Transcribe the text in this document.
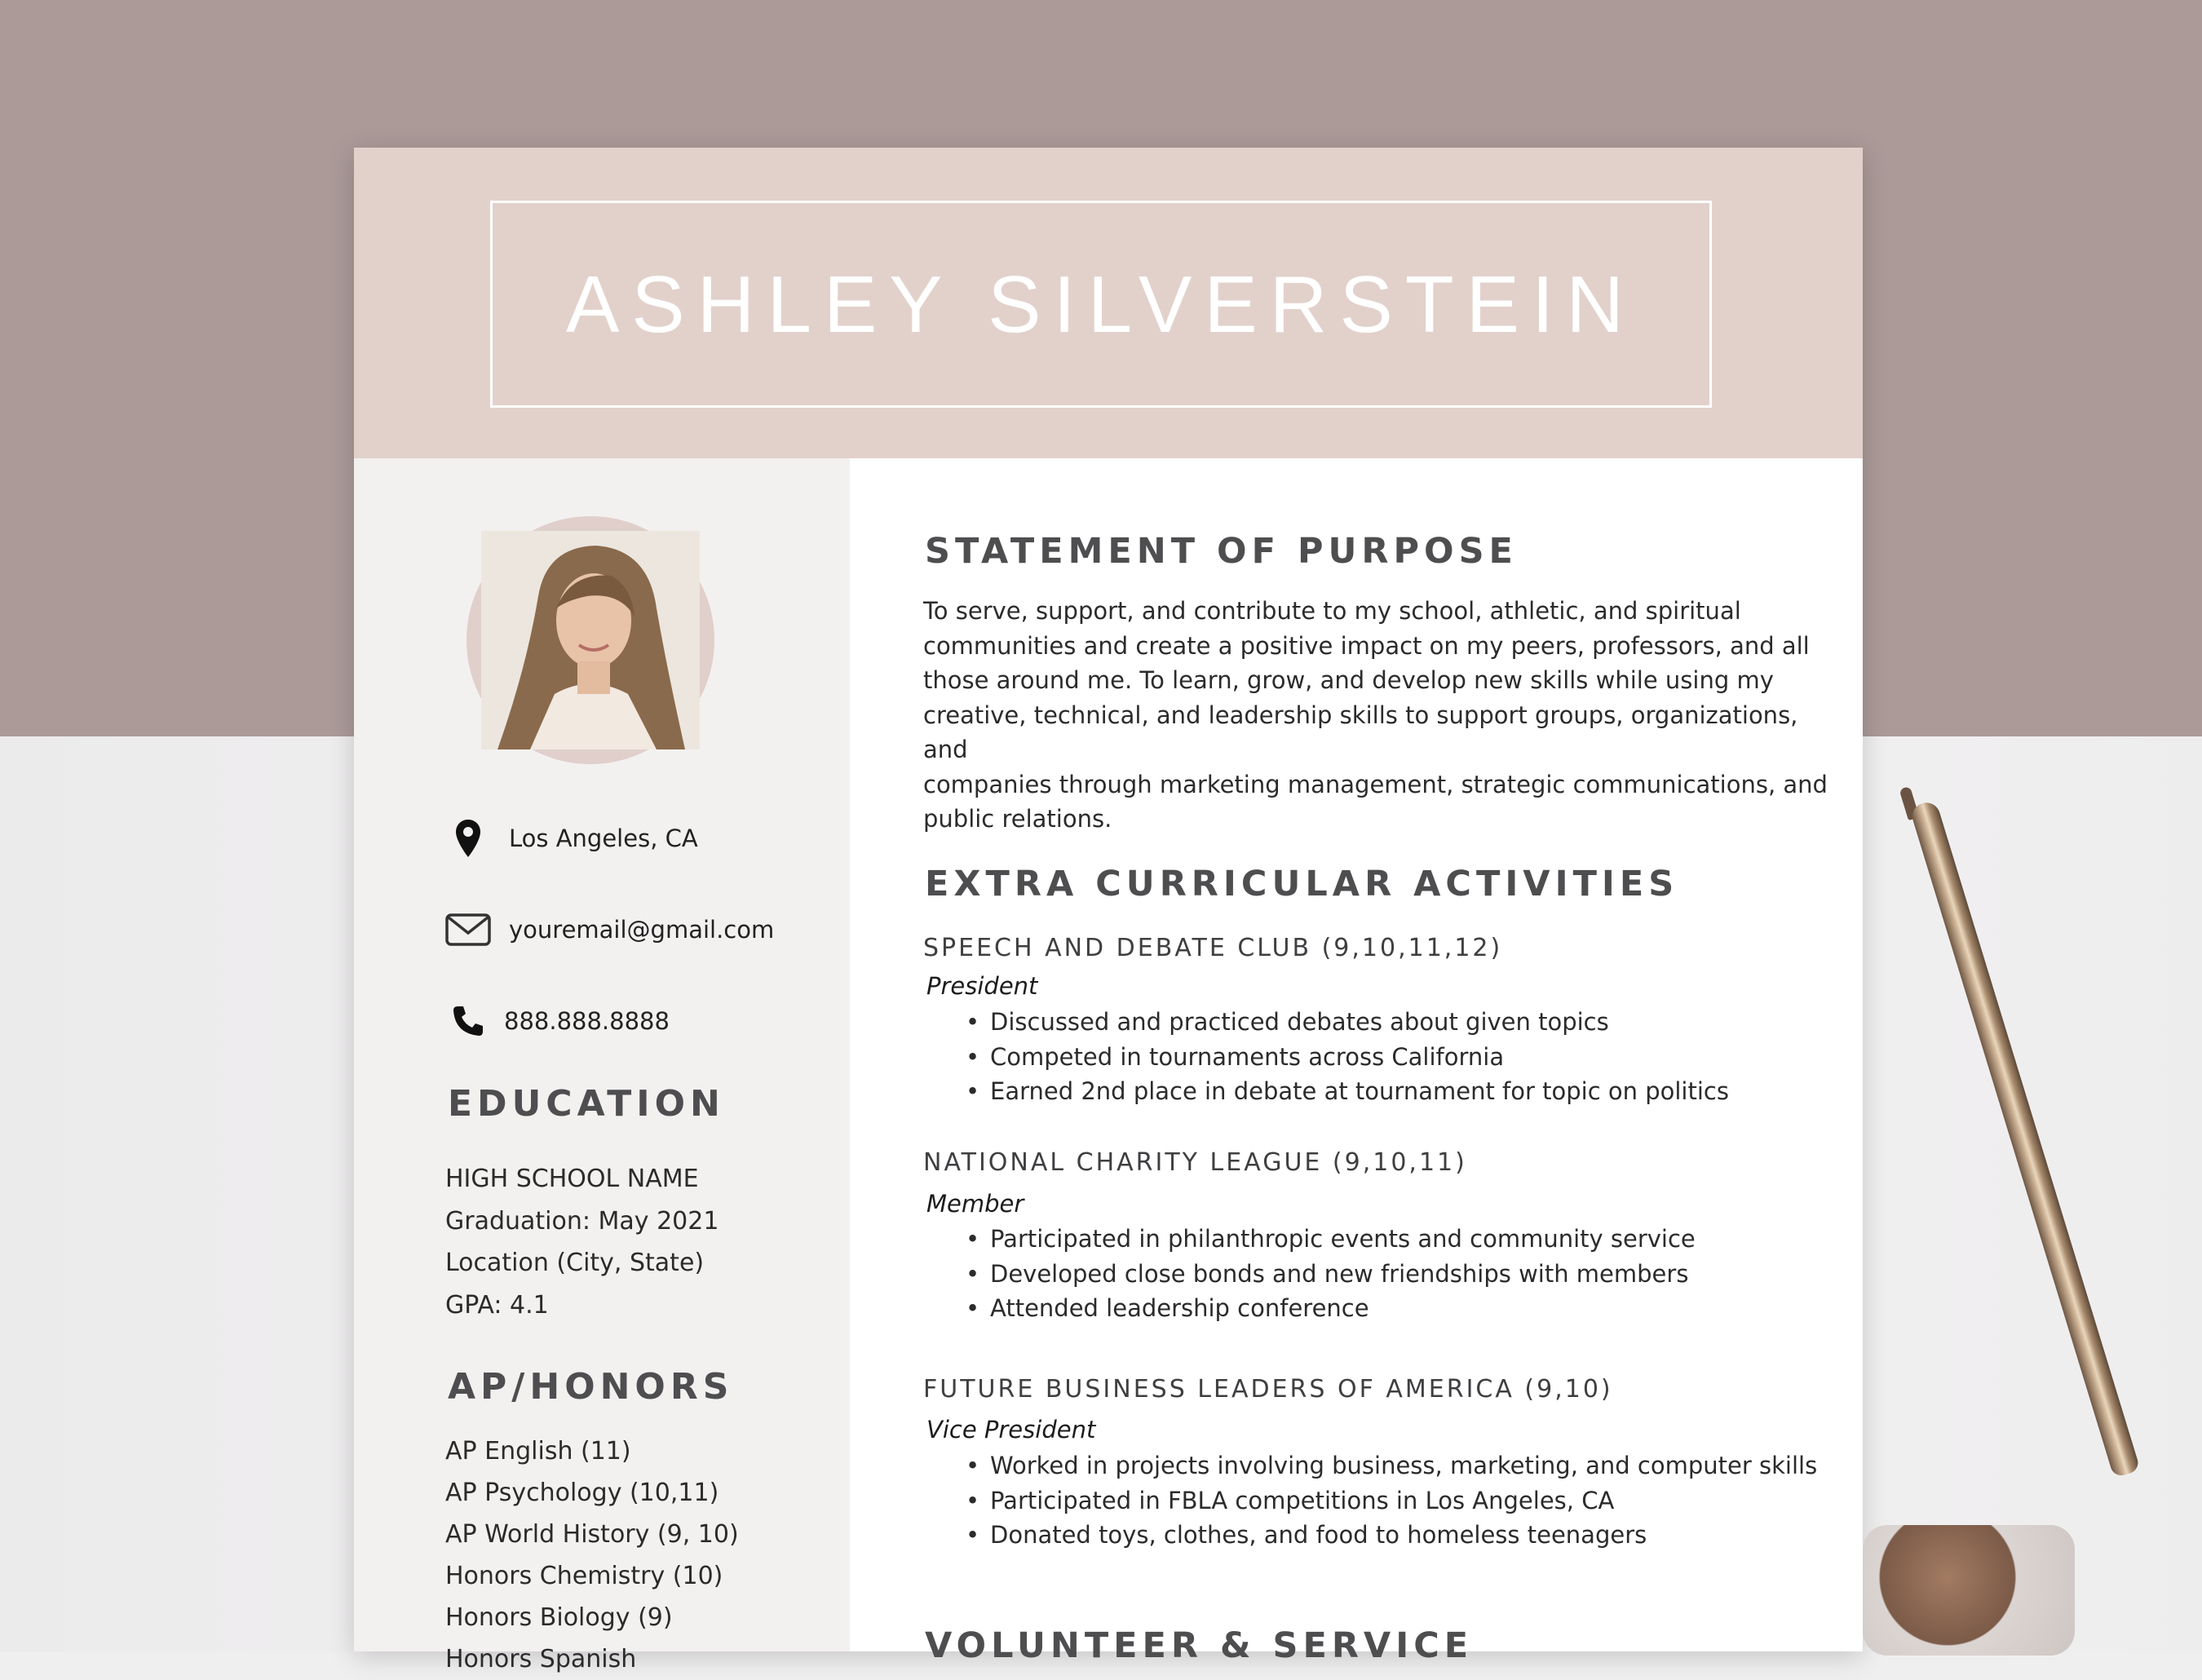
ASHLEY SILVERSTEIN
Los Angeles, CA
youremail@gmail.com
888.888.8888
EDUCATION
HIGH SCHOOL NAME
Graduation: May 2021
Location (City, State)
GPA: 4.1
AP/HONORS
AP English (11)
AP Psychology (10,11)
AP World History (9, 10)
Honors Chemistry (10)
Honors Biology (9)
Honors Spanish
STATEMENT OF PURPOSE
To serve, support, and contribute to my school, athletic, and spiritual
communities and create a positive impact on my peers, professors, and all
those around me. To learn, grow, and develop new skills while using my
creative, technical, and leadership skills to support groups, organizations, and
companies through marketing management, strategic communications, and
public relations.
EXTRA CURRICULAR ACTIVITIES
SPEECH AND DEBATE CLUB (9,10,11,12)
President
• Discussed and practiced debates about given topics
• Competed in tournaments across California
• Earned 2nd place in debate at tournament for topic on politics
NATIONAL CHARITY LEAGUE (9,10,11)
Member
• Participated in philanthropic events and community service
• Developed close bonds and new friendships with members
• Attended leadership conference
FUTURE BUSINESS LEADERS OF AMERICA (9,10)
Vice President
• Worked in projects involving business, marketing, and computer skills
• Participated in FBLA competitions in Los Angeles, CA
• Donated toys, clothes, and food to homeless teenagers
VOLUNTEER & SERVICE
